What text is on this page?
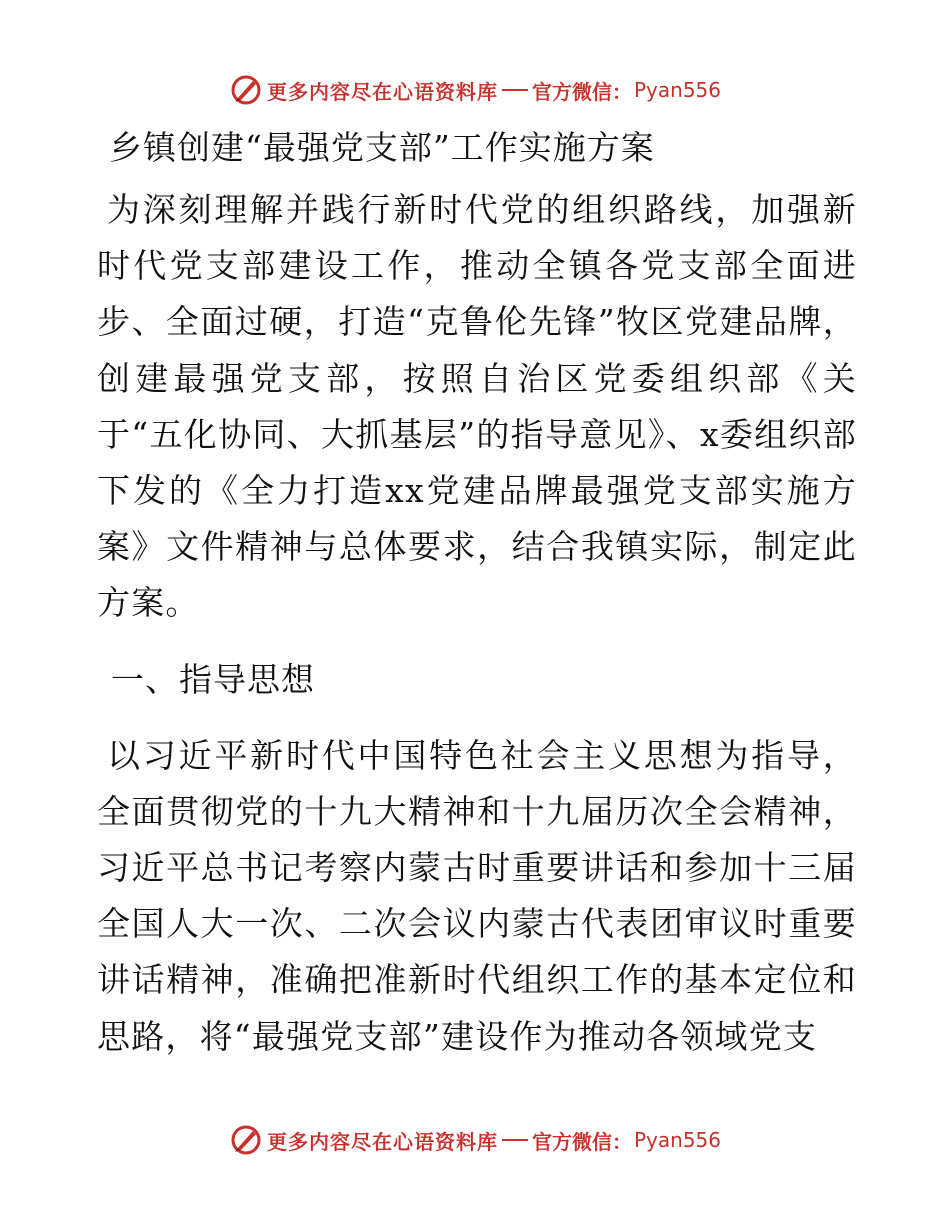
更多内容尽在心语资料库 官方微信： Pyan556
乡镇创建“最强党支部”工作实施方案

为深刻理解并践行新时代党的组织路线，加强新时代党支部建设工作，推动全镇各党支部全面进步、全面过硬，打造“克鲁伦先锋”牧区党建品牌，创建最强党支部，按照自治区党委组织部《关于“五化协同、大抓基层”的指导意见》、x委组织部下发的《全力打造xx党建品牌最强党支部实施方案》文件精神与总体要求，结合我镇实际，制定此方案。

一、指导思想

以习近平新时代中国特色社会主义思想为指导，全面贯彻党的十九大精神和十九届历次全会精神，习近平总书记考察内蒙古时重要讲话和参加十三届全国人大一次、二次会议内蒙古代表团审议时重要讲话精神，准确把准新时代组织工作的基本定位和思路，将“最强党支部”建设作为推动各领域党支

更多内容尽在心语资料库 官方微信： Pyan556
